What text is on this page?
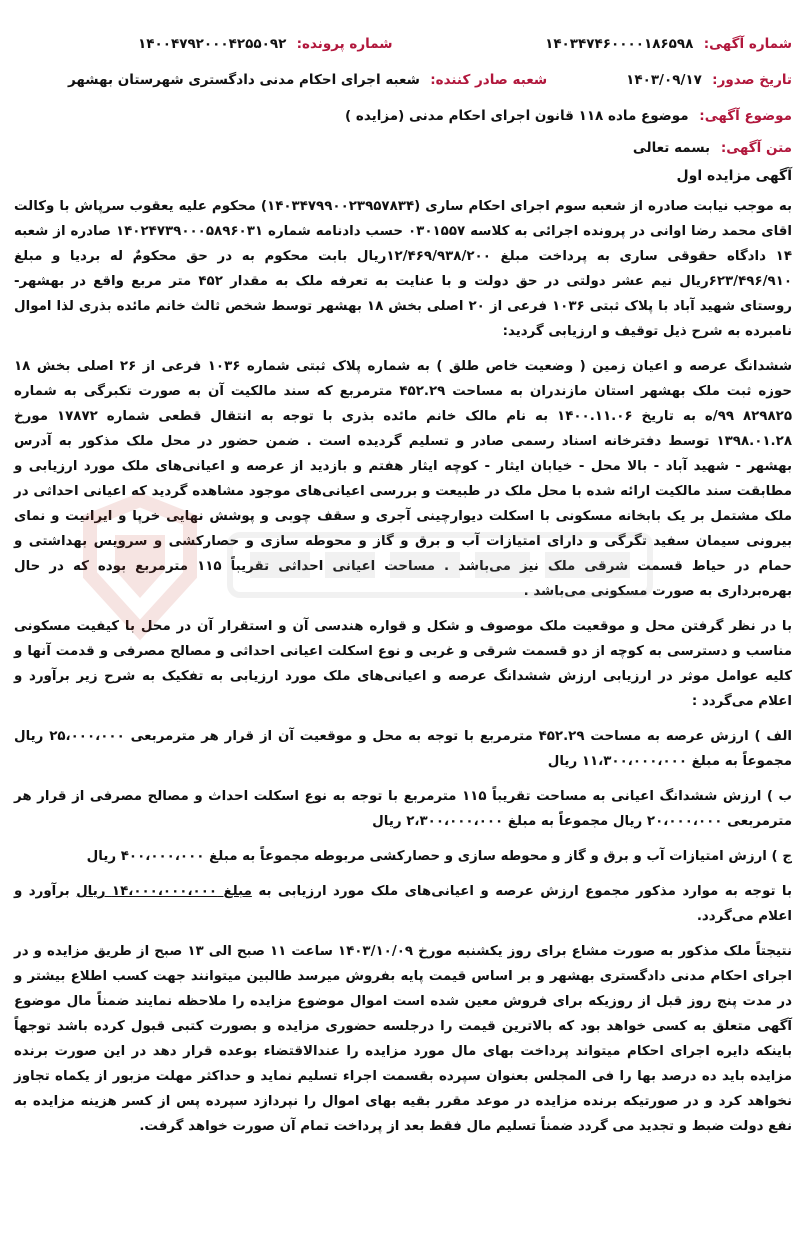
شماره آگهی: ۱۴۰۳۴۷۴۶۰۰۰۰۱۸۶۵۹۸
شماره پرونده: ۱۴۰۰۴۷۹۲۰۰۰۴۲۵۵۰۹۲
تاریخ صدور: ۱۴۰۳/۰۹/۱۷
شعبه صادر کننده: شعبه اجرای احکام مدنی دادگستری شهرستان بهشهر
موضوع آگهی: موضوع ماده ۱۱۸ قانون اجرای احکام مدنی (مزایده )
متن آگهی: بسمه تعالی
آگهی مزایده اول
به موجب نیابت صادره از شعبه سوم اجرای احکام ساری (۱۴۰۳۴۷۹۹۰۰۲۳۹۵۷۸۳۴) محکوم علیه یعقوب سرپاش با وکالت اقای محمد رضا اوانی در پرونده اجرائی به کلاسه ۰۳۰۱۵۵۷ حسب دادنامه شماره ۱۴۰۲۴۷۳۹۰۰۰۵۸۹۶۰۳۱ صادره از شعبه ۱۴ دادگاه حقوقی ساری به پرداخت مبلغ ۱۲/۴۶۹/۹۳۸/۲۰۰ریال بابت محکوم به در حق محکومٌ له بردیا و مبلغ ۶۲۳/۴۹۶/۹۱۰ریال نیم عشر دولتی در حق دولت و با عنایت به تعرفه ملک به مقدار ۴۵۲ متر مربع واقع در بهشهر- روستای شهید آباد با پلاک ثبتی ۱۰۳۶ فرعی از ۲۰ اصلی بخش ۱۸ بهشهر توسط شخص ثالث خانم مائده بذری لذا اموال نامبرده به شرح ذیل توقیف و ارزیابی گردید:
ششدانگ عرصه و اعیان زمین ( وضعیت خاص طلق ) به شماره پلاک ثبتی شماره ۱۰۳۶ فرعی از ۲۶ اصلی بخش ۱۸ حوزه ثبت ملک بهشهر استان مازندران به مساحت ۴۵۲.۲۹ مترمربع که سند مالکیت آن به صورت تکبرگی به شماره ۸۲۹۸۲۵ ۹۹/ه به تاریخ ۱۴۰۰.۱۱.۰۶ به نام مالک خانم مائده بذری با توجه به انتقال قطعی شماره ۱۷۸۷۲ مورخ ۱۳۹۸.۰۱.۲۸ توسط دفترخانه اسناد رسمی صادر و تسلیم گردیده است . ضمن حضور در محل ملک مذکور به آدرس بهشهر - شهید آباد - بالا محل - خیابان ایثار - کوچه ایثار هفتم و بازدید از عرصه و اعیانی‌های ملک مورد ارزیابی و مطابقت سند مالکیت ارائه شده با محل ملک در طبیعت و بررسی اعیانی‌های موجود مشاهده گردید که اعیانی احداثی در ملک مشتمل بر یک بابخانه مسکونی با اسکلت دیوارچینی آجری و سقف چوبی و پوشش نهایی خرپا و ایرانیت و نمای بیرونی سیمان سفید تگرگی و دارای امتیازات آب و برق و گاز و محوطه سازی و حصارکشی و سرویس بهداشتی و حمام در حیاط قسمت شرقی ملک نیز می‌باشد . مساحت اعیانی احداثی تقریباً ۱۱۵ مترمربع بوده که در حال بهره‌برداری به صورت مسکونی می‌باشد .
با در نظر گرفتن محل و موقعیت ملک موصوف و شکل و قواره هندسی آن و استقرار آن در محل با کیفیت مسکونی مناسب و دسترسی به کوچه از دو قسمت شرقی و غربی و نوع اسکلت اعیانی احداثی و مصالح مصرفی و قدمت آنها و کلیه عوامل موثر در ارزیابی ارزش ششدانگ عرصه و اعیانی‌های ملک مورد ارزیابی به تفکیک به شرح زیر برآورد و اعلام می‌گردد :
الف ) ارزش عرصه به مساحت ۴۵۲.۲۹ مترمربع با توجه به محل و موقعیت آن از قرار هر مترمربعی ۲۵،۰۰۰،۰۰۰ ریال مجموعاً به مبلغ ۱۱،۳۰۰،۰۰۰،۰۰۰ ریال
ب ) ارزش ششدانگ اعیانی به مساحت تقریباً ۱۱۵ مترمربع با توجه به نوع اسکلت احداث و مصالح مصرفی از قرار هر مترمربعی ۲۰،۰۰۰،۰۰۰ ریال مجموعاً به مبلغ ۲،۳۰۰،۰۰۰،۰۰۰ ریال
ج ) ارزش امتیازات آب و برق و گاز و محوطه سازی و حصارکشی مربوطه مجموعاً به مبلغ ۴۰۰،۰۰۰،۰۰۰ ریال
با توجه به موارد مذکور مجموع ارزش عرصه و اعیانی‌های ملک مورد ارزیابی به مبلغ ۱۴،۰۰۰،۰۰۰،۰۰۰ ریال برآورد و اعلام می‌گردد.
نتیجتاً ملک مذکور به صورت مشاع برای روز یکشنبه مورخ ۱۴۰۳/۱۰/۰۹ ساعت ۱۱ صبح الی ۱۳ صبح از طریق مزایده و در اجرای احکام مدنی دادگستری بهشهر و بر اساس قیمت پایه بفروش میرسد طالبین میتوانند جهت کسب اطلاع بیشتر و در مدت پنج روز قبل از روزیکه برای فروش معین شده است اموال موضوع مزایده را ملاحظه نمایند ضمناً مال موضوع آگهی متعلق به کسی خواهد بود که بالاترین قیمت را درجلسه حضوری مزایده و بصورت کتبی قبول کرده باشد توجهاً باینکه دایره اجرای احکام میتواند پرداخت بهای مال مورد مزایده را عندالاقتضاء بوعده قرار دهد در این صورت برنده مزایده باید ده درصد بها را فی المجلس بعنوان سپرده بقسمت اجراء تسلیم نماید و حداکثر مهلت مزبور از یکماه تجاوز نخواهد کرد و در صورتیکه برنده مزایده در موعد مقرر بقیه بهای اموال را نپردازد سپرده پس از کسر هزینه مزایده به نفع دولت ضبط و تجدید می گردد ضمناً تسلیم مال فقط بعد از پرداخت تمام آن صورت خواهد گرفت.
